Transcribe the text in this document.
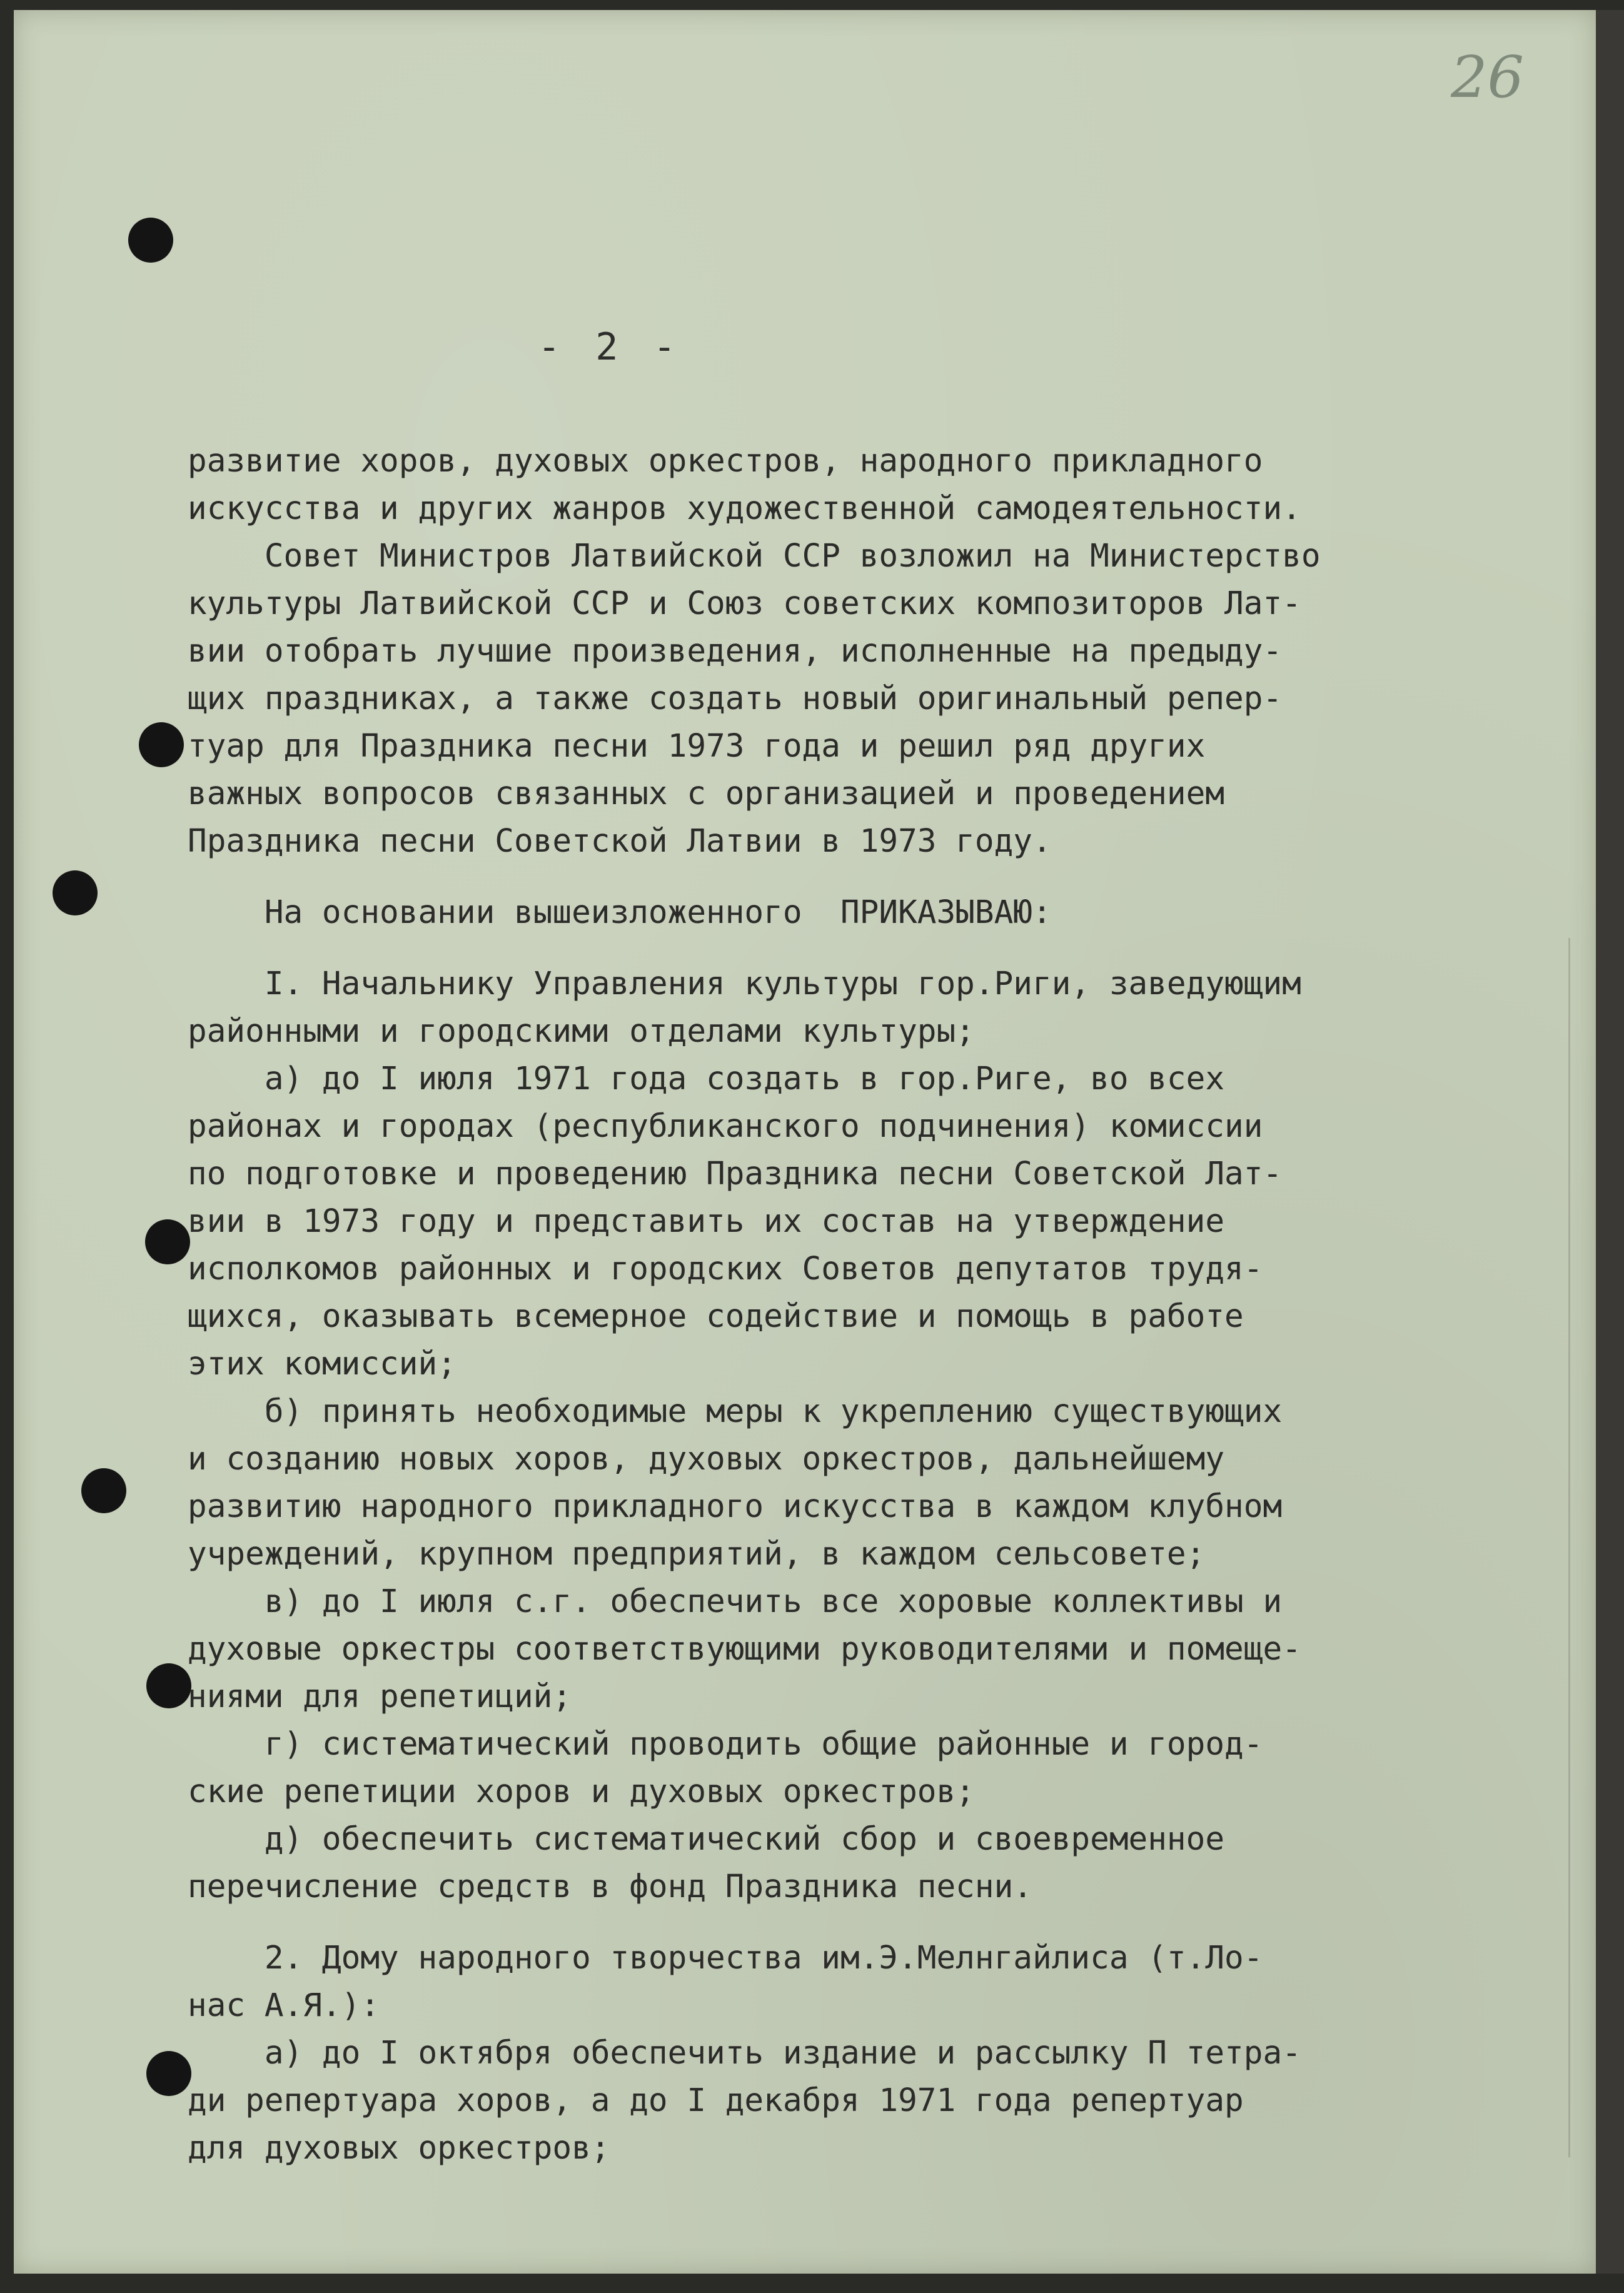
26
- 2 -
развитие хоров, духовых оркестров, народного прикладного
искусства и других жанров художественной самодеятельности.
Совет Министров Латвийской ССР возложил на Министерство
культуры Латвийской ССР и Союз советских композиторов Лат-
вии отобрать лучшие произведения, исполненные на предыду-
щих праздниках, а также создать новый оригинальный репер-
туар для Праздника песни 1973 года и решил ряд других
важных вопросов связанных с организацией и проведением
Праздника песни Советской Латвии в 1973 году.
На основании вышеизложенного  ПРИКАЗЫВАЮ:
I. Начальнику Управления культуры гор.Риги, заведующим
районными и городскими отделами культуры;
а) до I июля 1971 года создать в гор.Риге, во всех
районах и городах (республиканского подчинения) комиссии
по подготовке и проведению Праздника песни Советской Лат-
вии в 1973 году и представить их состав на утверждение
исполкомов районных и городских Советов депутатов трудя-
щихся, оказывать всемерное содействие и помощь в работе
этих комиссий;
б) принять необходимые меры к укреплению существующих
и созданию новых хоров, духовых оркестров, дальнейшему
развитию народного прикладного искусства в каждом клубном
учреждений, крупном предприятий, в каждом сельсовете;
в) до I июля с.г. обеспечить все хоровые коллективы и
духовые оркестры соответствующими руководителями и помеще-
ниями для репетиций;
г) систематический проводить общие районные и город-
ские репетиции хоров и духовых оркестров;
д) обеспечить систематический сбор и своевременное
перечисление средств в фонд Праздника песни.
2. Дому народного творчества им.Э.Мелнгайлиса (т.Ло-
нас А.Я.):
а) до I октября обеспечить издание и рассылку П тетра-
ди репертуара хоров, а до I декабря 1971 года репертуар
для духовых оркестров;
